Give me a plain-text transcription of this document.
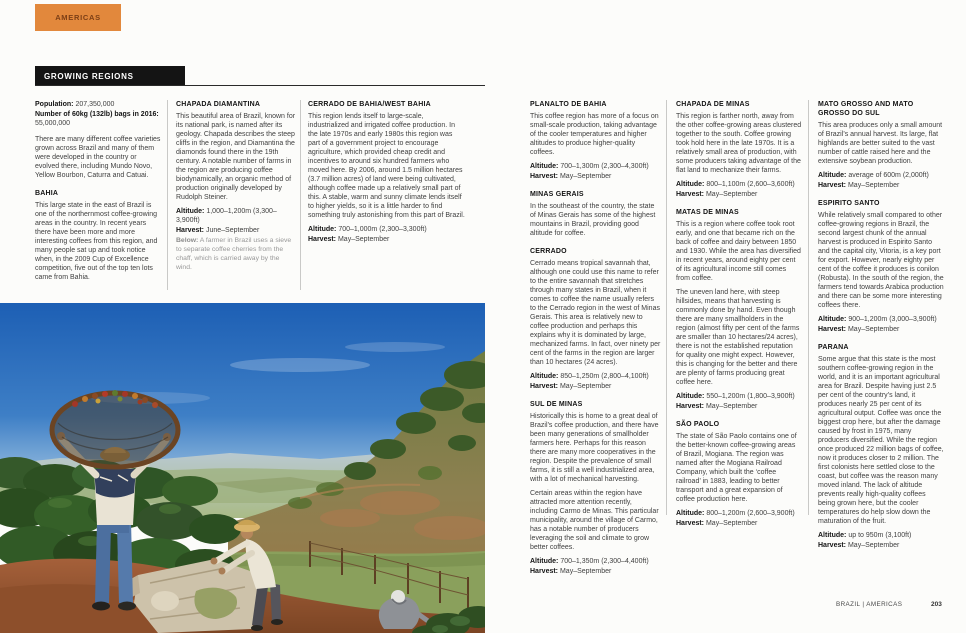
AMERICAS
GROWING REGIONS

Population: 207,350,000

Number of 60kg (132lb) bags in 2016: 55,000,000

There are many different coffee varieties grown across Brazil and many of them were developed in the country or evolved there, including Mundo Novo, Yellow Bourbon, Caturra and Catuai.

BAHIA

This large state in the east of Brazil is one of the northernmost coffee-growing areas in the country. In recent years there have been more and more interesting coffees from this region, and many people sat up and took notice when, in the 2009 Cup of Excellence competition, five out of the top ten lots came from Bahia.

CHAPADA DIAMANTINA

This beautiful area of Brazil, known for its national park, is named after its geology. Chapada describes the steep cliffs in the region, and Diamantina the diamonds found there in the 19th century. A notable number of farms in the region are producing coffee biodynamically, an organic method of production originally developed by Rudolph Steiner.

Altitude: 1,000–1,200m (3,300–3,900ft)

Harvest: June–September

Below: A farmer in Brazil uses a sieve to separate coffee cherries from the chaff, which is carried away by the wind.

CERRADO DE BAHIA/WEST BAHIA

This region lends itself to large-scale, industrialized and irrigated coffee production. In the late 1970s and early 1980s this region was part of a government project to encourage agriculture, which provided cheap credit and incentives to around six hundred farmers who moved here. By 2006, around 1.5 million hectares (3.7 million acres) of land were being cultivated, although coffee made up a relatively small part of this. A stable, warm and sunny climate lends itself to higher yields, so it is a little harder to find something truly astonishing from this part of Brazil.

Altitude: 700–1,000m (2,300–3,300ft)

Harvest: May–September

PLANALTO DE BAHIA

This coffee region has more of a focus on small-scale production, taking advantage of the cooler temperatures and higher altitudes to produce higher-quality coffees.

Altitude: 700–1,300m (2,300–4,300ft)

Harvest: May–September

MINAS GERAIS

In the southeast of the country, the state of Minas Gerais has some of the highest mountains in Brazil, providing good altitude for coffee.

CERRADO

Cerrado means tropical savannah that, although one could use this name to refer to the entire savannah that stretches through many states in Brazil, when it comes to coffee the name usually refers to the Cerrado region in the west of Minas Gerais. This area is relatively new to coffee production and perhaps this explains why it is dominated by large, mechanized farms. In fact, over ninety per cent of the farms in the region are larger than 10 hectares (24 acres).

Altitude: 850–1,250m (2,800–4,100ft)

Harvest: May–September

SUL DE MINAS

Historically this is home to a great deal of Brazil’s coffee production, and there have been many generations of smallholder farmers here. Perhaps for this reason there are many more cooperatives in the region. Despite the prevalence of small farms, it is still a well industrialized area, with a lot of mechanical harvesting.

Certain areas within the region have attracted more attention recently, including Carmo de Minas. This particular municipality, around the village of Carmo, has a notable number of producers leveraging the soil and climate to grow better coffees.

Altitude: 700–1,350m (2,300–4,400ft)

Harvest: May–September

CHAPADA DE MINAS

This region is farther north, away from the other coffee-growing areas clustered together to the south. Coffee growing took hold here in the late 1970s. It is a relatively small area of production, with some producers taking advantage of the flat land to mechanize their farms.

Altitude: 800–1,100m (2,600–3,600ft)

Harvest: May–September

MATAS DE MINAS

This is a region where coffee took root early, and one that became rich on the back of coffee and dairy between 1850 and 1930. While the area has diversified in recent years, around eighty per cent of its agricultural income still comes from coffee.

The uneven land here, with steep hillsides, means that harvesting is commonly done by hand. Even though there are many smallholders in the region (almost fifty per cent of the farms are smaller than 10 hectares/24 acres), there is not the established reputation for quality one might expect. However, this is changing for the better and there are plenty of farms producing great coffee here.

Altitude: 550–1,200m (1,800–3,900ft)

Harvest: May–September

SÃO PAOLO

The state of São Paolo contains one of the better-known coffee-growing areas of Brazil, Mogiana. The region was named after the Mogiana Railroad Company, which built the ‘coffee railroad’ in 1883, leading to better transport and a great expansion of coffee production here.

Altitude: 800–1,200m (2,600–3,900ft)

Harvest: May–September

MATO GROSSO AND MATO GROSSO DO SUL

This area produces only a small amount of Brazil’s annual harvest. Its large, flat highlands are better suited to the vast number of cattle raised here and the extensive soybean production.

Altitude: average of 600m (2,000ft)

Harvest: May–September

ESPIRITO SANTO

While relatively small compared to other coffee-growing regions in Brazil, the second largest chunk of the annual harvest is produced in Espirito Santo and the capital city, Vitoria, is a key port for export. However, nearly eighty per cent of the coffee it produces is conilon (Robusta). In the south of the region, the farmers tend towards Arabica production and there can be some more interesting coffees there.

Altitude: 900–1,200m (3,000–3,900ft)

Harvest: May–September

PARANA

Some argue that this state is the most southern coffee-growing region in the world, and it is an important agricultural area for Brazil. Despite having just 2.5 per cent of the country’s land, it produces nearly 25 per cent of its agricultural output. Coffee was once the biggest crop here, but after the damage caused by frost in 1975, many producers diversified. While the region once produced 22 million bags of coffee, now it produces closer to 2 million. The first colonists here settled close to the coast, but coffee was the reason many moved inland. The lack of altitude prevents really high-quality coffees being grown here, but the cooler temperatures do help slow down the maturation of the fruit.

Altitude: up to 950m (3,100ft)

Harvest: May–September

BRAZIL | AMERICAS	203
